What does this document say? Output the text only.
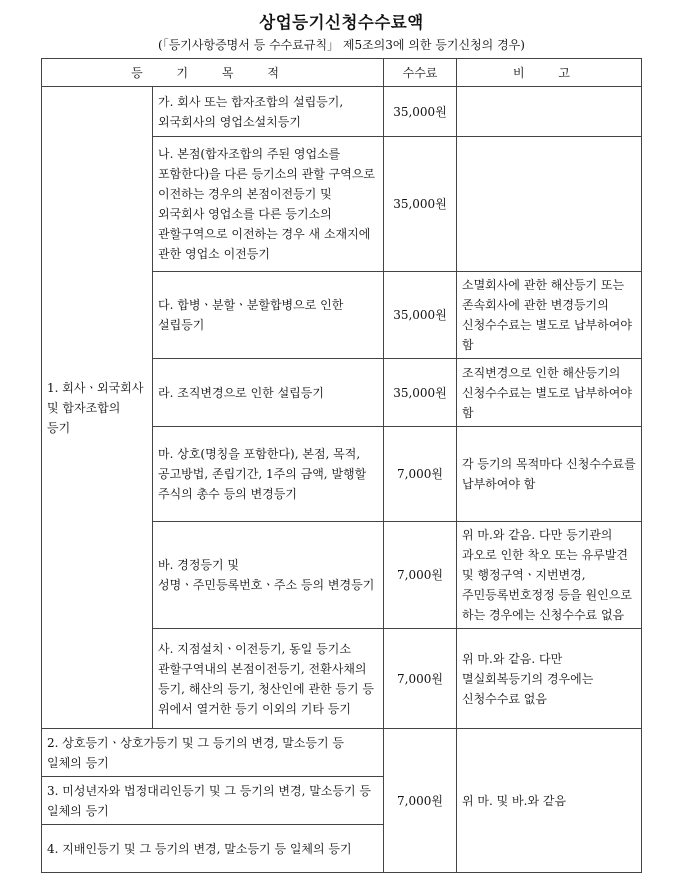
상업등기신청수수료액
(「등기사항증명서 등 수수료규칙」 제5조의3에 의한 등기신청의 경우)
등 기 목 적		수수료	비 고
1. 회사ㆍ외국회사 및 합자조합의 등기	가. 회사 또는 합자조합의 설립등기, 외국회사의 영업소설치등기	35,000원	
	나. 본점(합자조합의 주된 영업소를 포함한다)을 다른 등기소의 관할 구역으로 이전하는 경우의 본점이전등기 및 외국회사 영업소를 다른 등기소의 관할구역으로 이전하는 경우 새 소재지에 관한 영업소 이전등기	35,000원	
	다. 합병ㆍ분할ㆍ분할합병으로 인한 설립등기	35,000원	소멸회사에 관한 해산등기 또는 존속회사에 관한 변경등기의 신청수수료는 별도로 납부하여야 함
	라. 조직변경으로 인한 설립등기	35,000원	조직변경으로 인한 해산등기의 신청수수료는 별도로 납부하여야 함
	마. 상호(명칭을 포함한다), 본점, 목적, 공고방법, 존립기간, 1주의 금액, 발행할 주식의 총수 등의 변경등기	7,000원	각 등기의 목적마다 신청수수료를 납부하여야 함
	바. 경정등기 및 성명ㆍ주민등록번호ㆍ주소 등의 변경등기	7,000원	위 마.와 같음. 다만 등기관의 과오로 인한 착오 또는 유루발견 및 행정구역ㆍ지번변경, 주민등록번호정정 등을 원인으로 하는 경우에는 신청수수료 없음
	사. 지점설치ㆍ이전등기, 동일 등기소 관할구역내의 본점이전등기, 전환사채의 등기, 해산의 등기, 청산인에 관한 등기 등 위에서 열거한 등기 이외의 기타 등기	7,000원	위 마.와 같음. 다만 멸실회복등기의 경우에는 신청수수료 없음
2. 상호등기ㆍ상호가등기 및 그 등기의 변경, 말소등기 등 일체의 등기		7,000원	위 마. 및 바.와 같음
3. 미성년자와 법정대리인등기 및 그 등기의 변경, 말소등기 등 일체의 등기			
4. 지배인등기 및 그 등기의 변경, 말소등기 등 일체의 등기			
